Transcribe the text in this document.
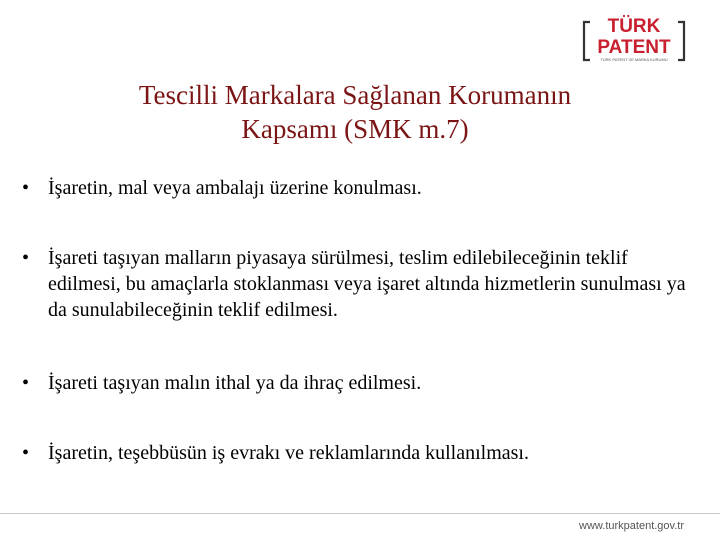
TÜRK
PATENT
TÜRK PATENT VE MARKA KURUMU
Tescilli Markalara Sağlanan Korumanın
Kapsamı (SMK m.7)
• İşaretin, mal veya ambalajı üzerine konulması.
• İşareti taşıyan malların piyasaya sürülmesi, teslim edilebileceğinin teklif edilmesi, bu amaçlarla stoklanması veya işaret altında hizmetlerin sunulması ya da sunulabileceğinin teklif edilmesi.
• İşareti taşıyan malın ithal ya da ihraç edilmesi.
• İşaretin, teşebbüsün iş evrakı ve reklamlarında kullanılması.
www.turkpatent.gov.tr
